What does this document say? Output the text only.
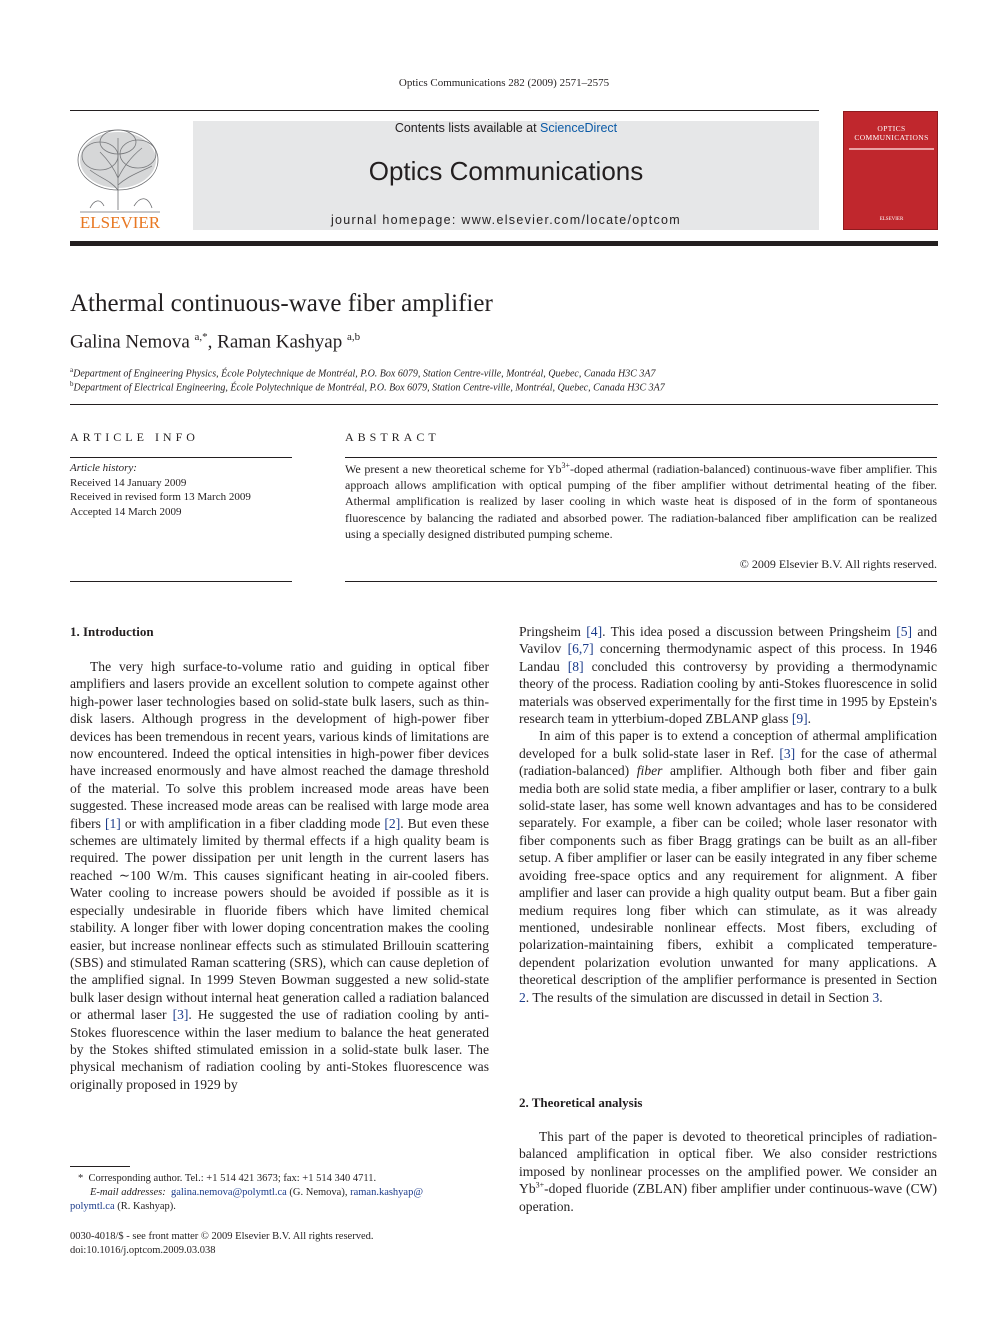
Optics Communications 282 (2009) 2571–2575
ELSEVIER
Contents lists available at ScienceDirect
Optics Communications
journal homepage: www.elsevier.com/locate/optcom
OPTICS COMMUNICATIONS
ELSEVIER
Athermal continuous-wave fiber amplifier
Galina Nemova $^{a,*}$, Raman Kashyap $^{a,b}$
$^a$Department of Engineering Physics, École Polytechnique de Montréal, P.O. Box 6079, Station Centre-ville, Montréal, Quebec, Canada H3C 3A7
$^b$Department of Electrical Engineering, École Polytechnique de Montréal, P.O. Box 6079, Station Centre-ville, Montréal, Quebec, Canada H3C 3A7
ARTICLE INFO
Article history:
Received 14 January 2009
Received in revised form 13 March 2009
Accepted 14 March 2009
ABSTRACT
We present a new theoretical scheme for $Yb^{3+}$-doped athermal (radiation-balanced) continuous-wave fiber amplifier. This approach allows amplification with optical pumping of the fiber amplifier without detrimental heating of the fiber. Athermal amplification is realized by laser cooling in which waste heat is disposed of in the form of spontaneous fluorescence by balancing the radiated and absorbed power. The radiation-balanced fiber amplification can be realized using a specially designed distributed pumping scheme.
© 2009 Elsevier B.V. All rights reserved.
1. Introduction

The very high surface-to-volume ratio and guiding in optical fiber amplifiers and lasers provide an excellent solution to compete against other high-power laser technologies based on solid-state bulk lasers, such as thin-disk lasers. Although progress in the development of high-power fiber devices has been tremendous in recent years, various kinds of limitations are now encountered. Indeed the optical intensities in high-power fiber devices have increased enormously and have almost reached the damage threshold of the material. To solve this problem increased mode areas have been suggested. These increased mode areas can be realised with large mode area fibers [1] or with amplification in a fiber cladding mode [2]. But even these schemes are ultimately limited by thermal effects if a high quality beam is required. The power dissipation per unit length in the current lasers has reached ∼100 W/m. This causes significant heating in air-cooled fibers. Water cooling to increase powers should be avoided if possible as it is especially undesirable in fluoride fibers which have limited chemical stability. A longer fiber with lower doping concentration makes the cooling easier, but increase nonlinear effects such as stimulated Brillouin scattering (SBS) and stimulated Raman scattering (SRS), which can cause depletion of the amplified signal. In 1999 Steven Bowman suggested a new solid-state bulk laser design without internal heat generation called a radiation balanced or athermal laser [3]. He suggested the use of radiation cooling by anti-Stokes fluorescence within the laser medium to balance the heat generated by the Stokes shifted stimulated emission in a solid-state bulk laser. The physical mechanism of radiation cooling by anti-Stokes fluorescence was originally proposed in 1929 by

* Corresponding author. Tel.: +1 514 421 3673; fax: +1 514 340 4711.
E-mail addresses: galina.nemova@polymtl.ca (G. Nemova), raman.kashyap@
polymtl.ca (R. Kashyap).
0030-4018/$ - see front matter © 2009 Elsevier B.V. All rights reserved.
doi:10.1016/j.optcom.2009.03.038

Pringsheim [4]. This idea posed a discussion between Pringsheim [5] and Vavilov [6,7] concerning thermodynamic aspect of this process. In 1946 Landau [8] concluded this controversy by providing a thermodynamic theory of the process. Radiation cooling by anti-Stokes fluorescence in solid materials was observed experimentally for the first time in 1995 by Epstein's research team in ytterbium-doped ZBLANP glass [9].

In aim of this paper is to extend a conception of athermal amplification developed for a bulk solid-state laser in Ref. [3] for the case of athermal (radiation-balanced) fiber amplifier. Although both fiber and fiber gain media both are solid state media, a fiber amplifier or laser, contrary to a bulk solid-state laser, has some well known advantages and has to be considered separately. For example, a fiber can be coiled; whole laser resonator with fiber components such as fiber Bragg gratings can be built as an all-fiber setup. A fiber amplifier or laser can be easily integrated in any fiber scheme avoiding free-space optics and any requirement for alignment. A fiber amplifier and laser can provide a high quality output beam. But a fiber gain medium requires long fiber which can stimulate, as it was already mentioned, undesirable nonlinear effects. Most fibers, excluding of polarization-maintaining fibers, exhibit a complicated temperature-dependent polarization evolution unwanted for many applications. A theoretical description of the amplifier performance is presented in Section 2. The results of the simulation are discussed in detail in Section 3.

2. Theoretical analysis

This part of the paper is devoted to theoretical principles of radiation-balanced amplification in optical fiber. We also consider restrictions imposed by nonlinear processes on the amplified power. We consider an $Yb^{3+}$-doped fluoride (ZBLAN) fiber amplifier under continuous-wave (CW) operation.
